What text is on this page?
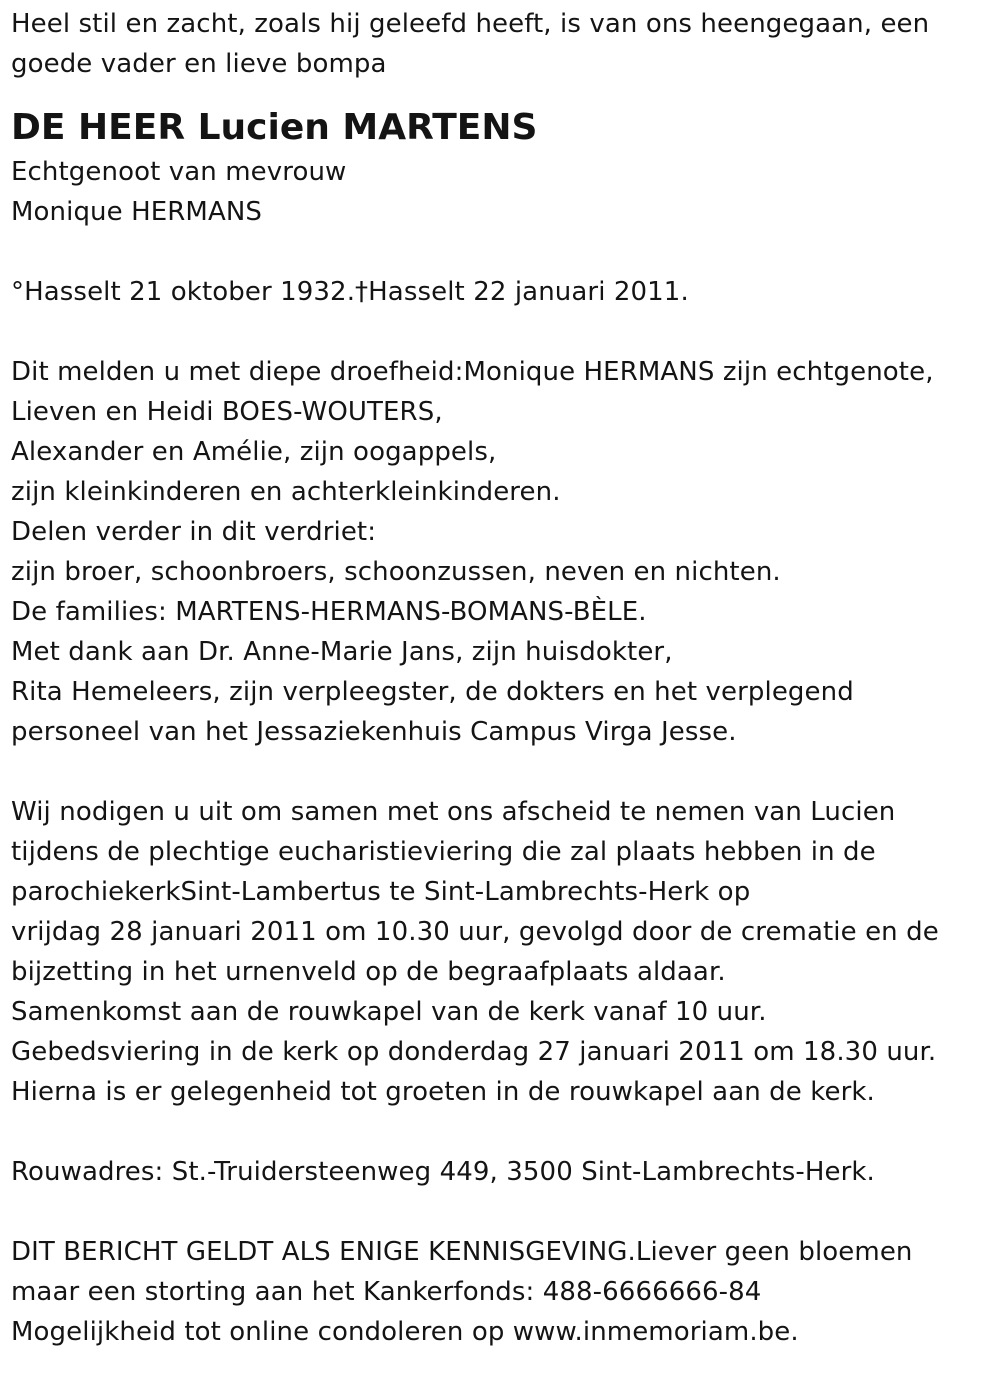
Heel stil en zacht, zoals hij geleefd heeft, is van ons heengegaan, een
goede vader en lieve bompa
DE HEER Lucien MARTENS
Echtgenoot van mevrouw
Monique HERMANS
°Hasselt 21 oktober 1932.†Hasselt 22 januari 2011.
Dit melden u met diepe droefheid:Monique HERMANS zijn echtgenote,
Lieven en Heidi BOES-WOUTERS,
Alexander en Amélie, zijn oogappels,
zijn kleinkinderen en achterkleinkinderen.
Delen verder in dit verdriet:
zijn broer, schoonbroers, schoonzussen, neven en nichten.
De families: MARTENS-HERMANS-BOMANS-BÈLE.
Met dank aan Dr. Anne-Marie Jans, zijn huisdokter,
Rita Hemeleers, zijn verpleegster, de dokters en het verplegend
personeel van het Jessaziekenhuis Campus Virga Jesse.
Wij nodigen u uit om samen met ons afscheid te nemen van Lucien
tijdens de plechtige eucharistieviering die zal plaats hebben in de
parochiekerkSint-Lambertus te Sint-Lambrechts-Herk op
vrijdag 28 januari 2011 om 10.30 uur, gevolgd door de crematie en de
bijzetting in het urnenveld op de begraafplaats aldaar.
Samenkomst aan de rouwkapel van de kerk vanaf 10 uur.
Gebedsviering in de kerk op donderdag 27 januari 2011 om 18.30 uur.
Hierna is er gelegenheid tot groeten in de rouwkapel aan de kerk.
Rouwadres: St.-Truidersteenweg 449, 3500 Sint-Lambrechts-Herk.
DIT BERICHT GELDT ALS ENIGE KENNISGEVING.Liever geen bloemen
maar een storting aan het Kankerfonds: 488-6666666-84
Mogelijkheid tot online condoleren op www.inmemoriam.be.
